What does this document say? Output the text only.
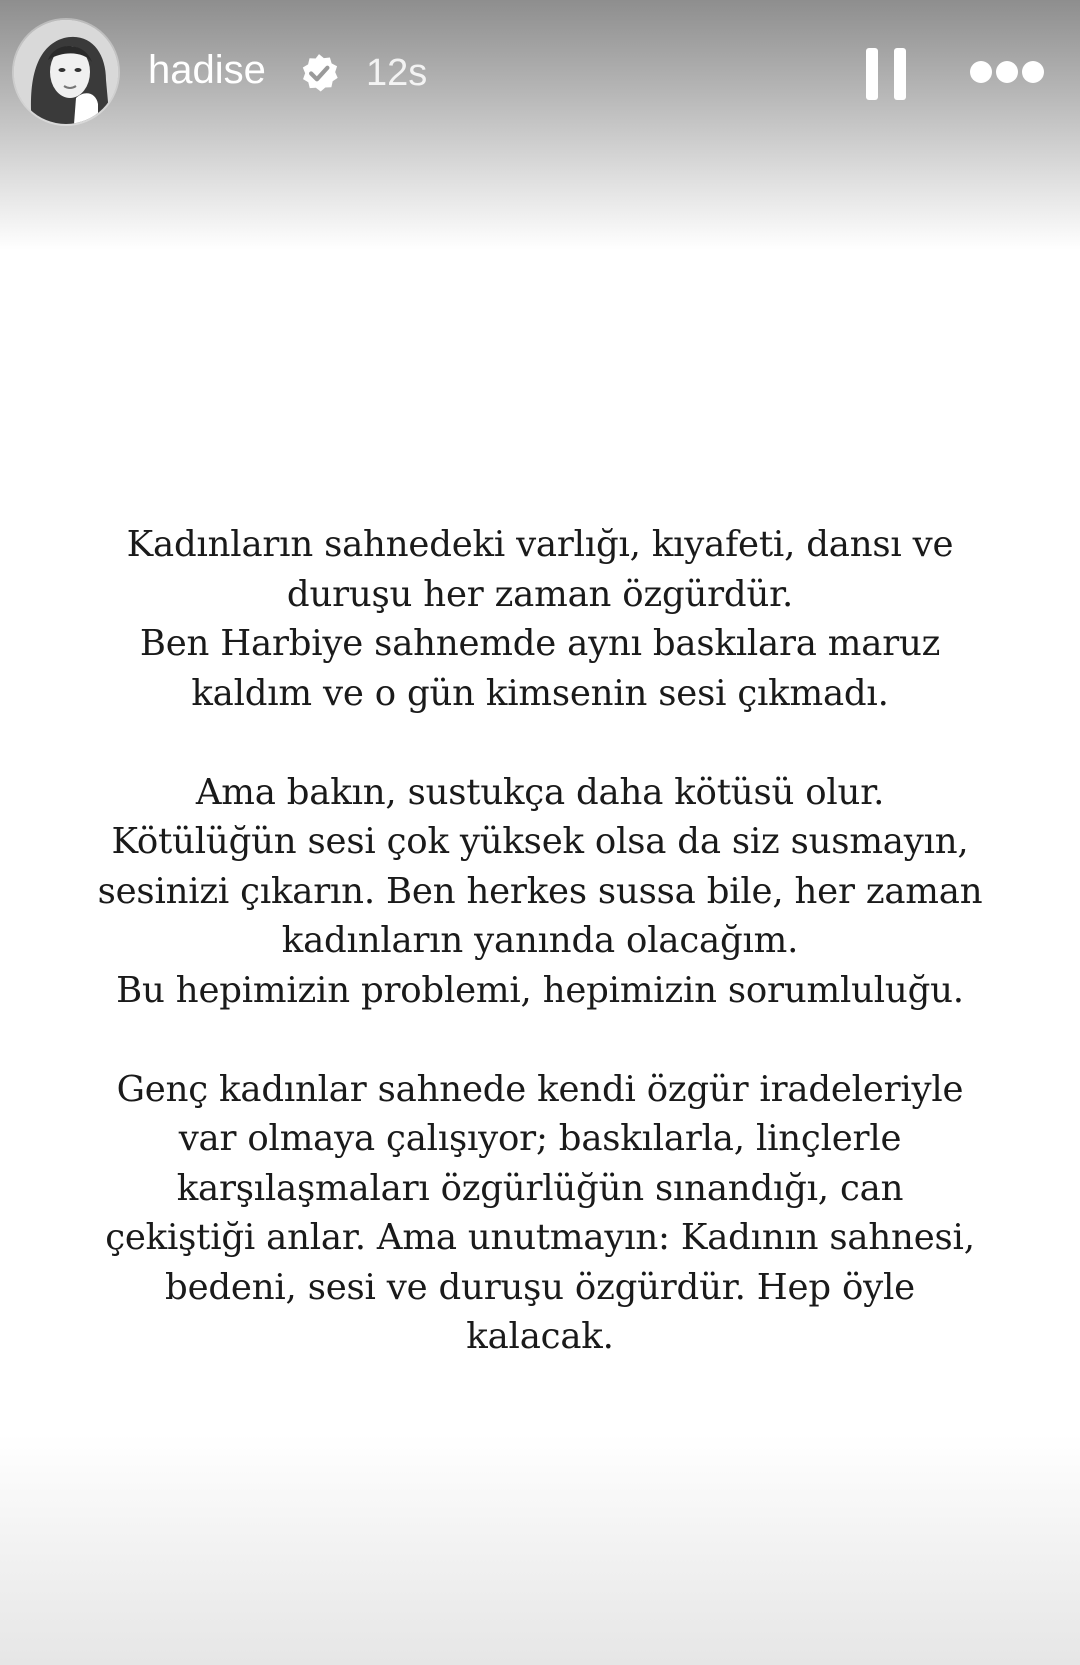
hadise	12s

Kadınların sahnedeki varlığı, kıyafeti, dansı ve
duruşu her zaman özgürdür.
Ben Harbiye sahnemde aynı baskılara maruz
kaldım ve o gün kimsenin sesi çıkmadı.

Ama bakın, sustukça daha kötüsü olur.
Kötülüğün sesi çok yüksek olsa da siz susmayın,
sesinizi çıkarın. Ben herkes sussa bile, her zaman
kadınların yanında olacağım.
Bu hepimizin problemi, hepimizin sorumluluğu.

Genç kadınlar sahnede kendi özgür iradeleriyle
var olmaya çalışıyor; baskılarla, linçlerle
karşılaşmaları özgürlüğün sınandığı, can
çekiştiği anlar. Ama unutmayın: Kadının sahnesi,
bedeni, sesi ve duruşu özgürdür. Hep öyle
kalacak.
